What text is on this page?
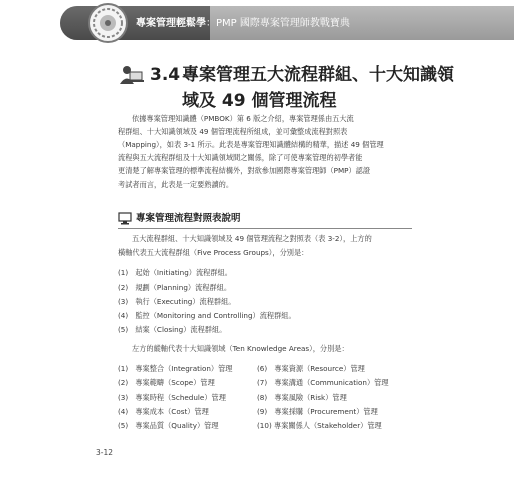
專案管理輕鬆學：PMP 國際專案管理師教戰寶典
3.4 專案管理五大流程群組、十大知識領
域及 49 個管理流程
依據專案管理知識體（PMBOK）第 6 版之介紹，專案管理係由五大流
程群組、十大知識領域及 49 個管理流程所組成，並可彙整成流程對照表
（Mapping），如表 3-1 所示。此表是專案管理知識體結構的精華，描述 49 個管理
流程與五大流程群組及十大知識領域間之關係，除了可使專案管理的初學者能
更清楚了解專案管理的標準流程結構外，對欲參加國際專案管理師（PMP）認證
考試者而言，此表是一定要熟讀的。
專案管理流程對照表說明
五大流程群組、十大知識領域及 49 個管理流程之對照表（表 3-2），上方的
橫軸代表五大流程群組（Five Process Groups），分別是：
(1)　起始（Initiating）流程群組。
(2)　規劃（Planning）流程群組。
(3)　執行（Executing）流程群組。
(4)　監控（Monitoring and Controlling）流程群組。
(5)　結案（Closing）流程群組。
左方的縱軸代表十大知識領域（Ten Knowledge Areas），分別是：
(1)　專案整合（Integration）管理
(2)　專案範疇（Scope）管理
(3)　專案時程（Schedule）管理
(4)　專案成本（Cost）管理
(5)　專案品質（Quality）管理
(6)　專案資源（Resource）管理
(7)　專案溝通（Communication）管理
(8)　專案風險（Risk）管理
(9)　專案採購（Procurement）管理
(10) 專案關係人（Stakeholder）管理
3-12
